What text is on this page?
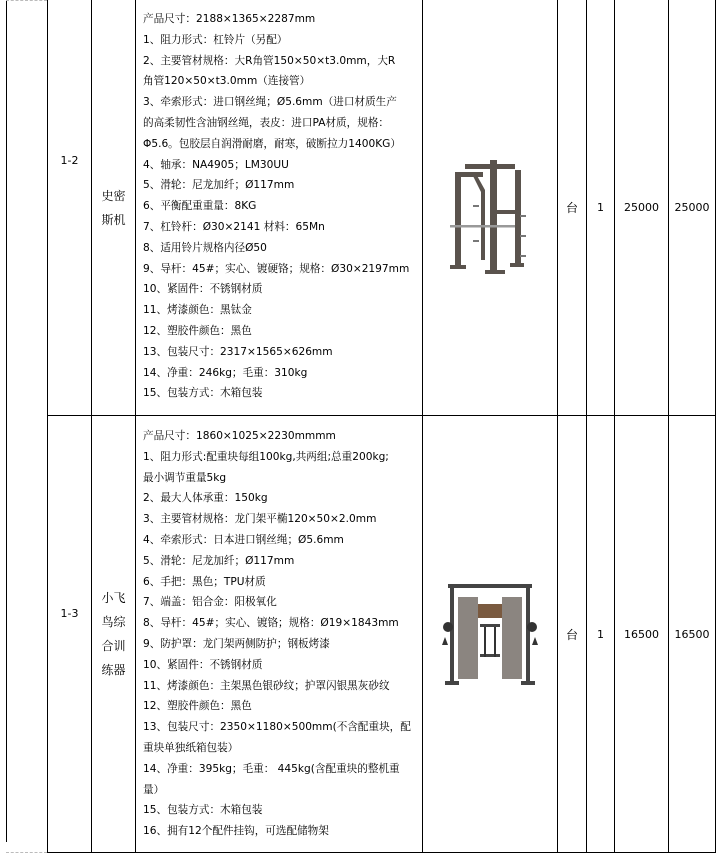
1-2
史密
斯机
产品尺寸：2188×1365×2287mm
1、阻力形式：杠铃片（另配）
2、主要管材规格：大R角管150×50×t3.0mm，大R
角管120×50×t3.0mm（连接管）
3、牵索形式：进口钢丝绳；Ø5.6mm（进口材质生产
的高柔韧性含油钢丝绳，表皮：进口PA材质，规格：
Φ5.6。包胶层自润滑耐磨，耐寒，破断拉力1400KG）
4、轴承：NA4905；LM30UU
5、滑轮：尼龙加纤；Ø117mm
6、平衡配重重量：8KG
7、杠铃杆：Ø30×2141 材料：65Mn
8、适用铃片规格内径Ø50
9、导杆：45#；实心、镀硬铬；规格：Ø30×2197mm
10、紧固件：不锈钢材质
11、烤漆颜色：黑钛金
12、塑胶件颜色：黑色
13、包装尺寸：2317×1565×626mm
14、净重：246kg；毛重：310kg
15、包装方式：木箱包装
台 1 25000 25000
1-3
小飞
鸟综
合训
练器
产品尺寸：1860×1025×2230mmmm
1、阻力形式:配重块每组100kg,共两组;总重200kg;
最小调节重量5kg
2、最大人体承重：150kg
3、主要管材规格：龙门架平椭120×50×2.0mm
4、牵索形式：日本进口钢丝绳；Ø5.6mm
5、滑轮：尼龙加纤；Ø117mm
6、手把：黑色；TPU材质
7、端盖：铝合金：阳极氧化
8、导杆：45#；实心、镀铬；规格：Ø19×1843mm
9、防护罩：龙门架两侧防护；钢板烤漆
10、紧固件：不锈钢材质
11、烤漆颜色：主架黑色银砂纹；护罩闪银黑灰砂纹
12、塑胶件颜色：黑色
13、包装尺寸：2350×1180×500mm(不含配重块，配
重块单独纸箱包装）
14、净重：395kg；毛重： 445kg(含配重块的整机重
量）
15、包装方式：木箱包装
16、拥有12个配件挂钩，可选配储物架
台 1 16500 16500
